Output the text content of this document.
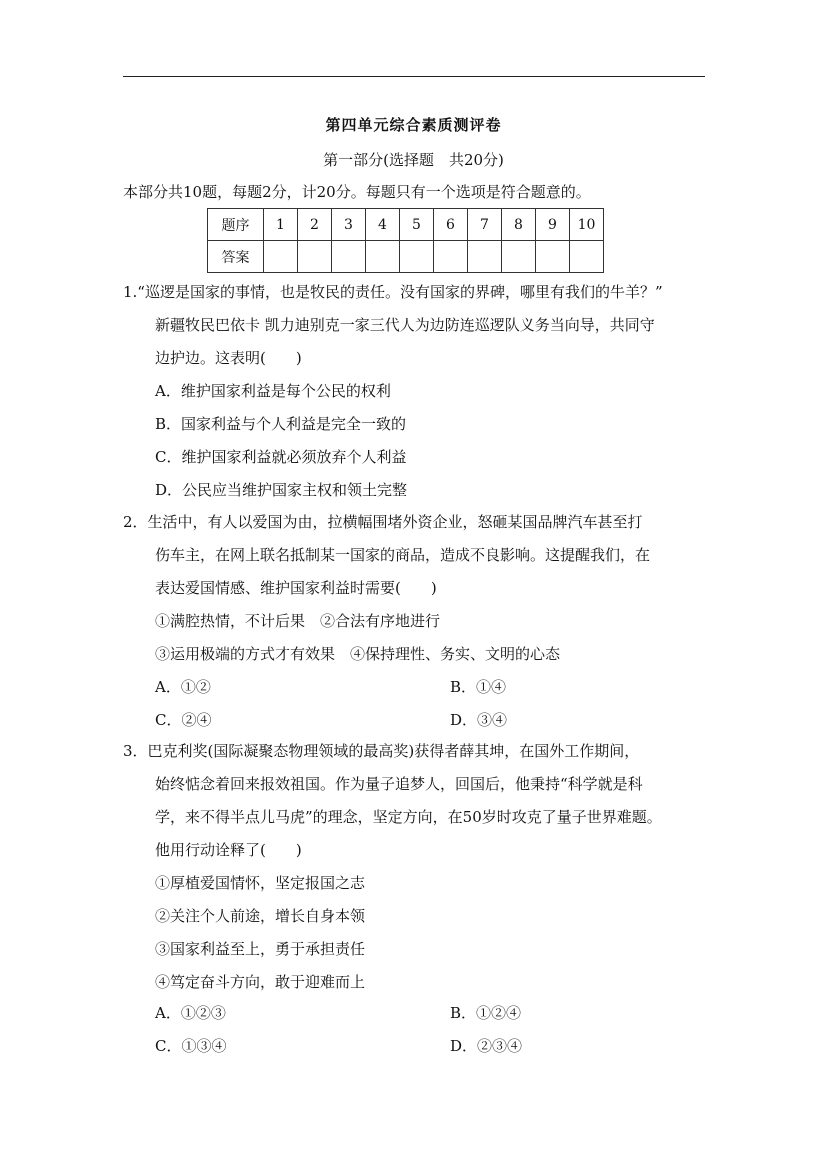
第四单元综合素质测评卷
第一部分(选择题　共20分)
本部分共10题，每题2分，计20分。每题只有一个选项是符合题意的。
题序	1	2	3	4	5	6	7	8	9	10
答案										
1.“巡逻是国家的事情，也是牧民的责任。没有国家的界碑，哪里有我们的牛羊？”
新疆牧民巴依卡 凯力迪别克一家三代人为边防连巡逻队义务当向导，共同守
边护边。这表明(　　)
A．维护国家利益是每个公民的权利
B．国家利益与个人利益是完全一致的
C．维护国家利益就必须放弃个人利益
D．公民应当维护国家主权和领土完整
2．生活中，有人以爱国为由，拉横幅围堵外资企业，怒砸某国品牌汽车甚至打
伤车主，在网上联名抵制某一国家的商品，造成不良影响。这提醒我们，在
表达爱国情感、维护国家利益时需要(　　)
①满腔热情，不计后果　②合法有序地进行
③运用极端的方式才有效果　④保持理性、务实、文明的心态
A．①②	B．①④
C．②④	D．③④
3．巴克利奖(国际凝聚态物理领域的最高奖)获得者薛其坤，在国外工作期间，
始终惦念着回来报效祖国。作为量子追梦人，回国后，他秉持“科学就是科
学，来不得半点儿马虎”的理念，坚定方向，在50岁时攻克了量子世界难题。
他用行动诠释了(　　)
①厚植爱国情怀，坚定报国之志
②关注个人前途，增长自身本领
③国家利益至上，勇于承担责任
④笃定奋斗方向，敢于迎难而上
A．①②③	B．①②④
C．①③④	D．②③④
